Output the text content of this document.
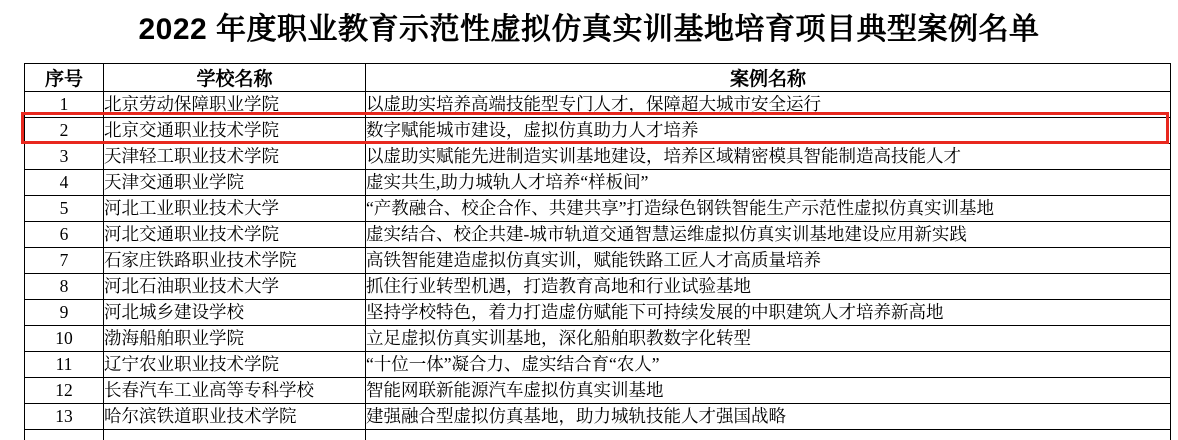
2022 年度职业教育示范性虚拟仿真实训基地培育项目典型案例名单
序号	学校名称	案例名称
1	北京劳动保障职业学院	以虚助实培养高端技能型专门人才，保障超大城市安全运行
2	北京交通职业技术学院	数字赋能城市建设，虚拟仿真助力人才培养
3	天津轻工职业技术学院	以虚助实赋能先进制造实训基地建设，培养区域精密模具智能制造高技能人才
4	天津交通职业学院	虚实共生,助力城轨人才培养“样板间”
5	河北工业职业技术大学	“产教融合、校企合作、共建共享”打造绿色钢铁智能生产示范性虚拟仿真实训基地
6	河北交通职业技术学院	虚实结合、校企共建-城市轨道交通智慧运维虚拟仿真实训基地建设应用新实践
7	石家庄铁路职业技术学院	高铁智能建造虚拟仿真实训，赋能铁路工匠人才高质量培养
8	河北石油职业技术大学	抓住行业转型机遇，打造教育高地和行业试验基地
9	河北城乡建设学校	坚持学校特色，着力打造虚仿赋能下可持续发展的中职建筑人才培养新高地
10	渤海船舶职业学院	立足虚拟仿真实训基地，深化船舶职教数字化转型
11	辽宁农业职业技术学院	“十位一体”凝合力、虚实结合育“农人”
12	长春汽车工业高等专科学校	智能网联新能源汽车虚拟仿真实训基地
13	哈尔滨铁道职业技术学院	建强融合型虚拟仿真基地，助力城轨技能人才强国战略
